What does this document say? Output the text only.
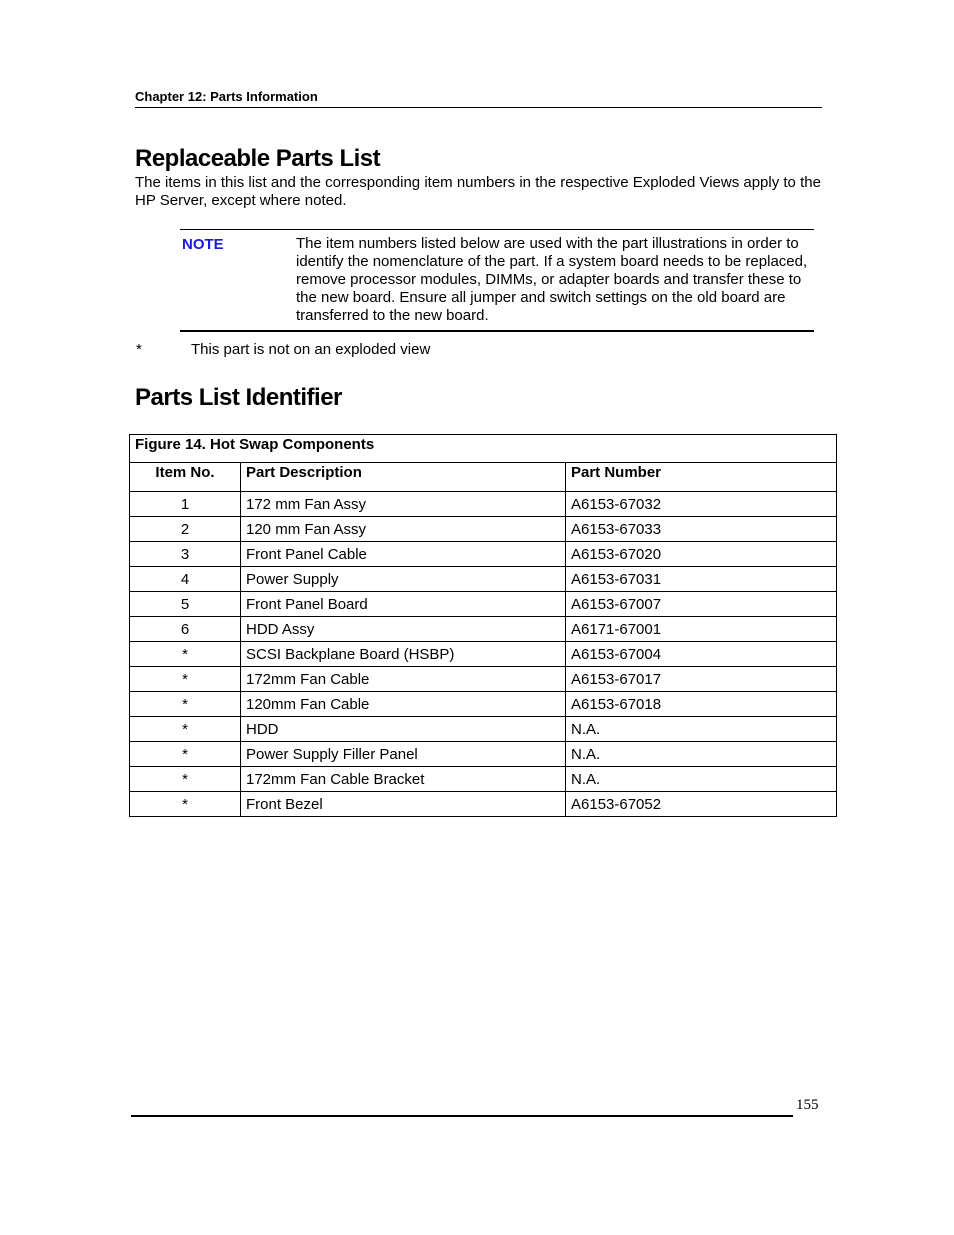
Chapter 12: Parts Information
Replaceable Parts List
The items in this list and the corresponding item numbers in the respective Exploded Views apply to the HP Server, except where noted.
NOTE	The item numbers listed below are used with the part illustrations in order to identify the nomenclature of the part. If a system board needs to be replaced, remove processor modules, DIMMs, or adapter boards and transfer these to the new board. Ensure all jumper and switch settings on the old board are transferred to the new board.
*	This part is not on an exploded view
Parts List Identifier
Figure 14. Hot Swap Components		
Item No.	Part Description	Part Number
1	172 mm Fan Assy	A6153-67032
2	120 mm Fan Assy	A6153-67033
3	Front Panel Cable	A6153-67020
4	Power Supply	A6153-67031
5	Front Panel Board	A6153-67007
6	HDD Assy	A6171-67001
*	SCSI Backplane Board (HSBP)	A6153-67004
*	172mm Fan Cable	A6153-67017
*	120mm Fan Cable	A6153-67018
*	HDD	N.A.
*	Power Supply Filler Panel	N.A.
*	172mm Fan Cable Bracket	N.A.
*	Front Bezel	A6153-67052
155
